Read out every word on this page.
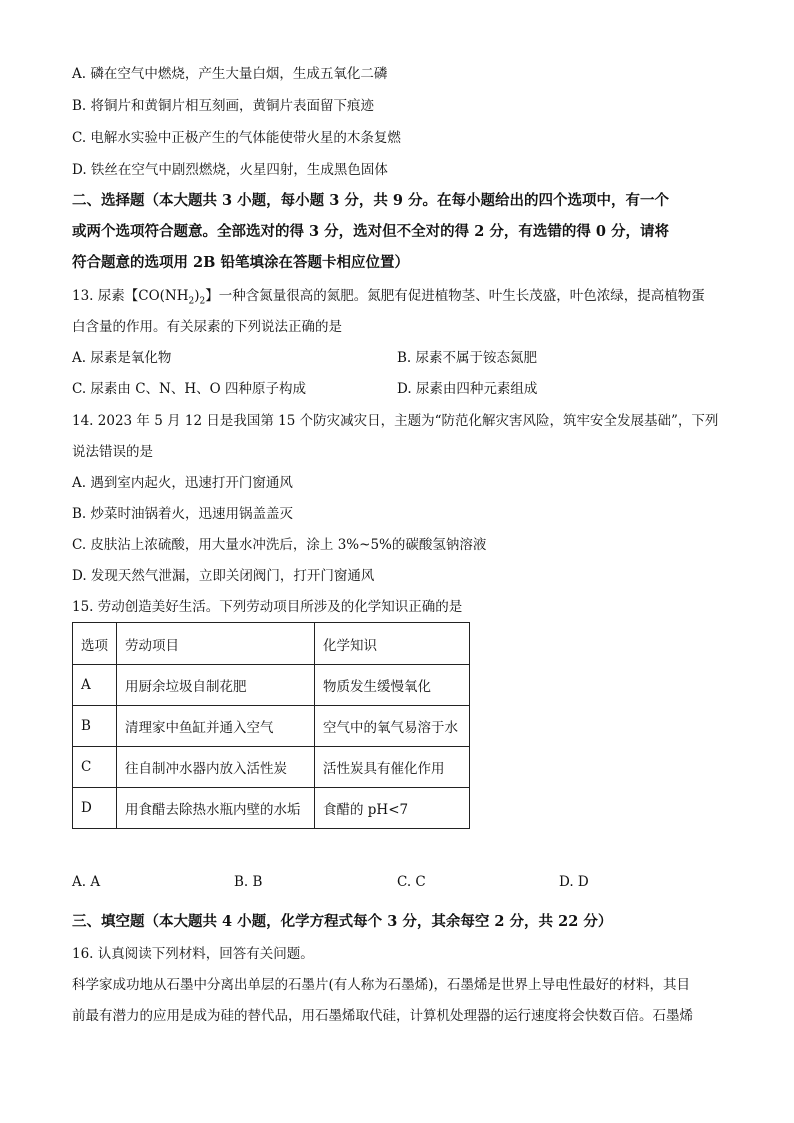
A. 磷在空气中燃烧，产生大量白烟，生成五氧化二磷
B. 将铜片和黄铜片相互刻画，黄铜片表面留下痕迹
C. 电解水实验中正极产生的气体能使带火星的木条复燃
D. 铁丝在空气中剧烈燃烧，火星四射，生成黑色固体
二、选择题（本大题共 3 小题，每小题 3 分，共 9 分。在每小题给出的四个选项中，有一个
或两个选项符合题意。全部选对的得 3 分，选对但不全对的得 2 分，有选错的得 0 分，请将
符合题意的选项用 2B 铅笔填涂在答题卡相应位置）
13. 尿素【$CO(NH_2)_2$】一种含氮量很高的氮肥。氮肥有促进植物茎、叶生长茂盛，叶色浓绿，提高植物蛋
白含量的作用。有关尿素的下列说法正确的是
A. 尿素是氧化物	B. 尿素不属于铵态氮肥
C. 尿素由 C、N、H、O 四种原子构成	D. 尿素由四种元素组成
14. 2023 年 5 月 12 日是我国第 15 个防灾减灾日，主题为“防范化解灾害风险，筑牢安全发展基础”，下列
说法错误的是
A. 遇到室内起火，迅速打开门窗通风
B. 炒菜时油锅着火，迅速用锅盖盖灭
C. 皮肤沾上浓硫酸，用大量水冲洗后，涂上 3%~5%的碳酸氢钠溶液
D. 发现天然气泄漏，立即关闭阀门，打开门窗通风
15. 劳动创造美好生活。下列劳动项目所涉及的化学知识正确的是
选项	劳动项目	化学知识
A	用厨余垃圾自制花肥	物质发生缓慢氧化
B	清理家中鱼缸并通入空气	空气中的氧气易溶于水
C	往自制冲水器内放入活性炭	活性炭具有催化作用
D	用食醋去除热水瓶内壁的水垢	食醋的 pH<7
A. A	B. B	C. C	D. D
三、填空题（本大题共 4 小题，化学方程式每个 3 分，其余每空 2 分，共 22 分）
16. 认真阅读下列材料，回答有关问题。
科学家成功地从石墨中分离出单层的石墨片(有人称为石墨烯)，石墨烯是世界上导电性最好的材料，其目
前最有潜力的应用是成为硅的替代品，用石墨烯取代硅，计算机处理器的运行速度将会快数百倍。石墨烯
